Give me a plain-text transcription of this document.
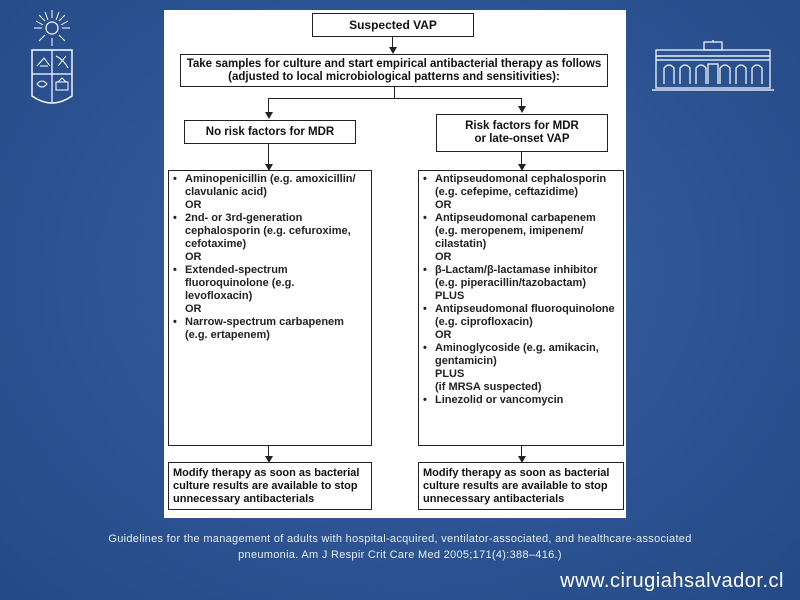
Suspected VAP
Take samples for culture and start empirical antibacterial therapy as follows
(adjusted to local microbiological patterns and sensitivities):
No risk factors for MDR	Risk factors for MDR
or late-onset VAP
• Aminopenicillin (e.g. amoxicillin/ clavulanic acid)
OR
• 2nd- or 3rd-generation cephalosporin (e.g. cefuroxime, cefotaxime)
OR
• Extended-spectrum fluoroquinolone (e.g. levofloxacin)
OR
• Narrow-spectrum carbapenem (e.g. ertapenem)
• Antipseudomonal cephalosporin (e.g. cefepime, ceftazidime)
OR
• Antipseudomonal carbapenem (e.g. meropenem, imipenem/ cilastatin)
OR
• β-Lactam/β-lactamase inhibitor (e.g. piperacillin/tazobactam)
PLUS
• Antipseudomonal fluoroquinolone (e.g. ciprofloxacin)
OR
• Aminoglycoside (e.g. amikacin, gentamicin)
PLUS
(if MRSA suspected)
• Linezolid or vancomycin
Modify therapy as soon as bacterial culture results are available to stop unnecessary antibacterials
Modify therapy as soon as bacterial culture results are available to stop unnecessary antibacterials
Guidelines for the management of adults with hospital-acquired, ventilator-associated, and healthcare-associated
pneumonia. Am J Respir Crit Care Med 2005;171(4):388–416.)
www.cirugiahsalvador.cl
